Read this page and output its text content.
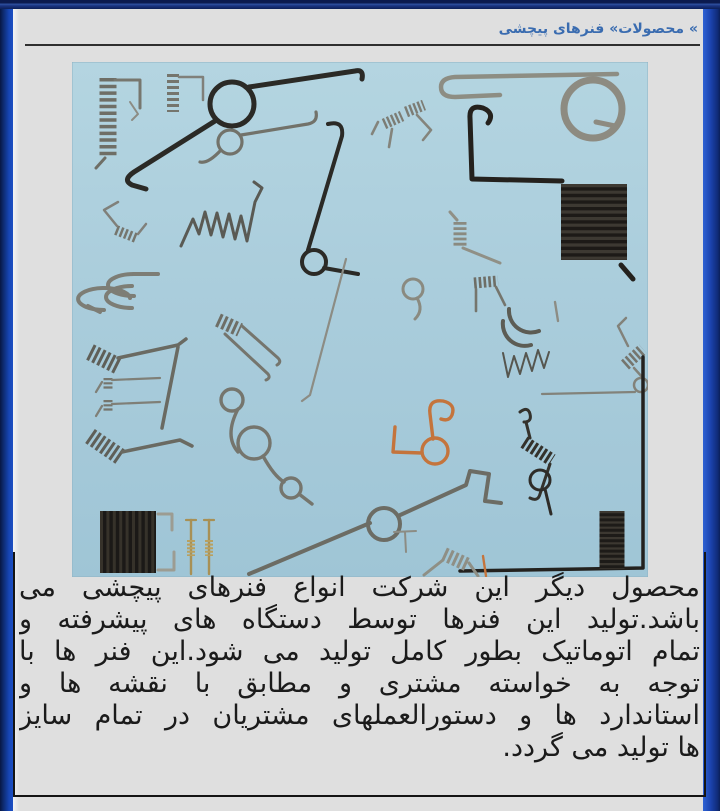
» محصولات» فنرهای پیچشی
محصول دیگر این شرکت انواع فنرهای پیچشی می
باشد.تولید این فنرها توسط دستگاه های پیشرفته و
تمام اتوماتیک بطور کامل تولید می شود.این فنر ها با
توجه به خواسته مشتری و مطابق با نقشه ها و
استاندارد ها و دستورالعملهای مشتریان در تمام سایز
ها تولید می گردد.
